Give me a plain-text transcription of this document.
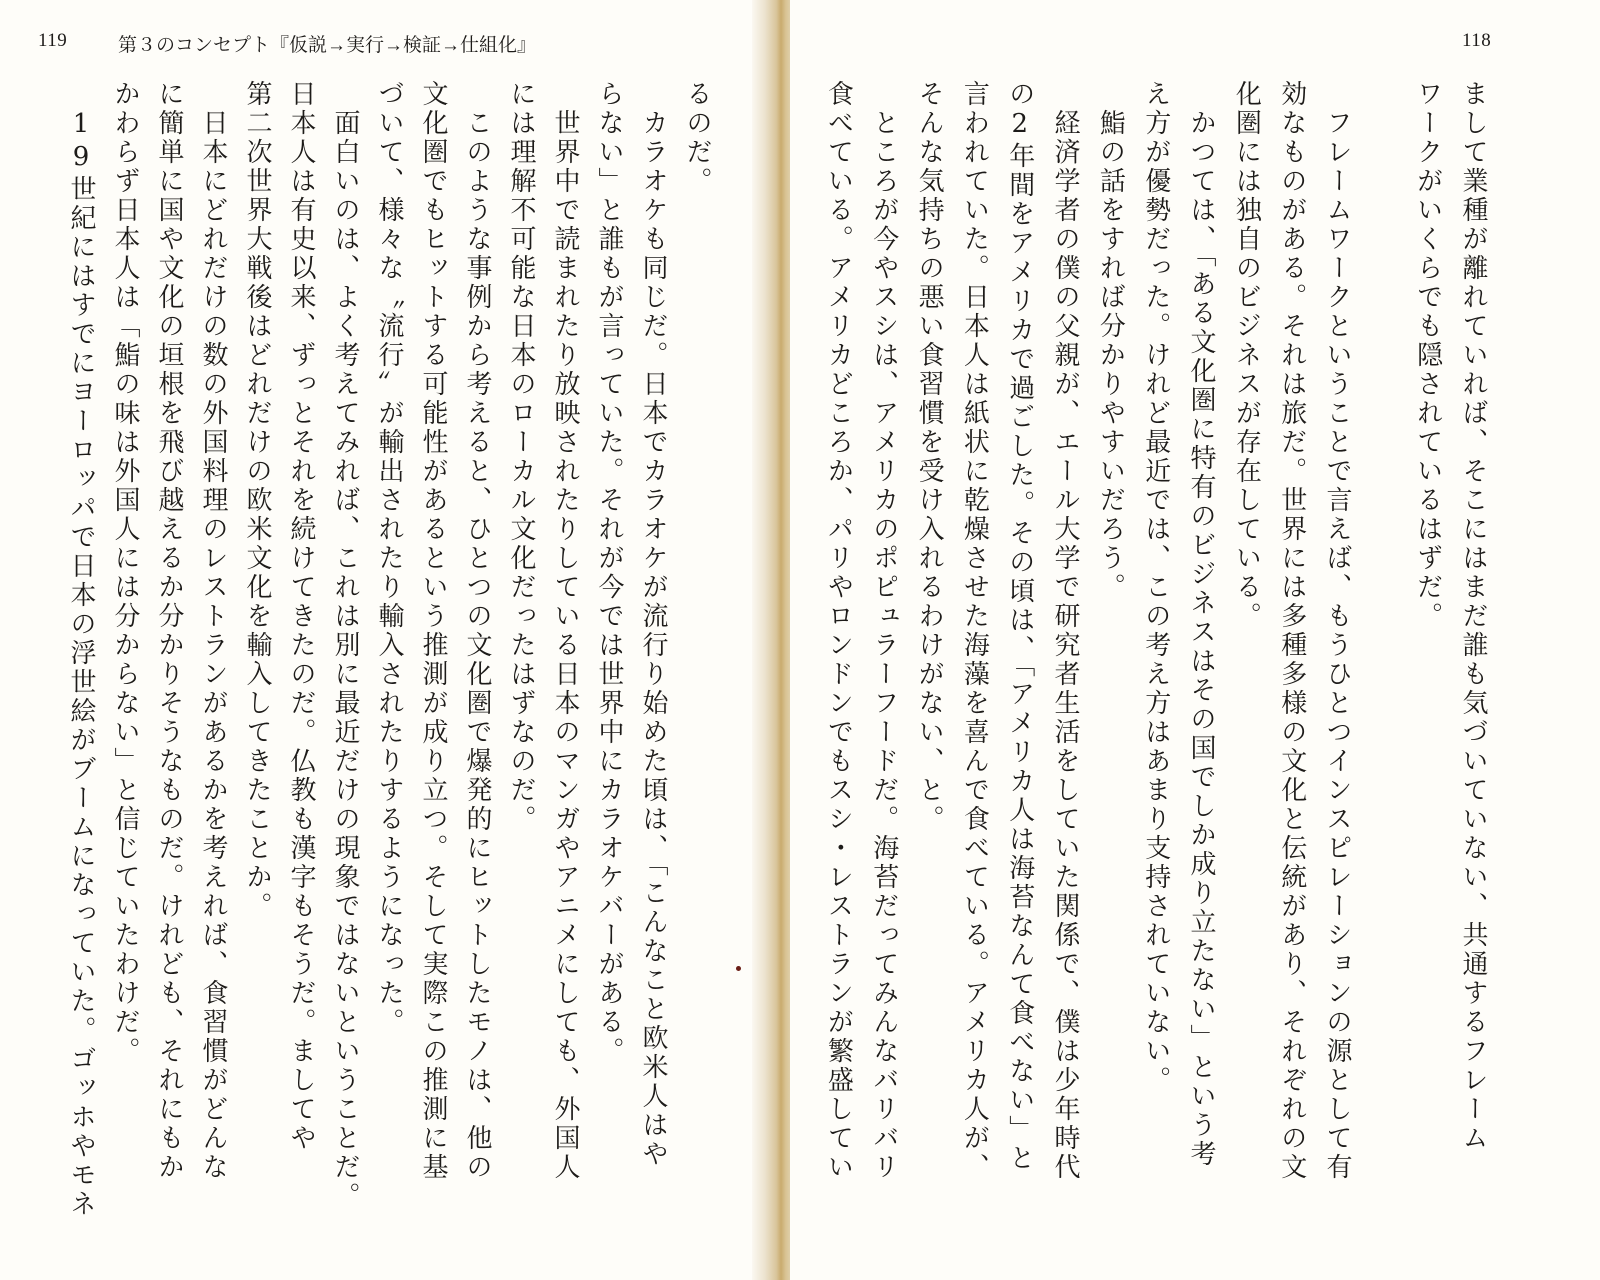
119	第３のコンセプト『仮説→実行→検証→仕組化』

るのだ。

　カラオケも同じだ。日本でカラオケが流行り始めた頃は、「こんなこと欧米人はや

らない」と誰もが言っていた。それが今では世界中にカラオケバーがある。

　世界中で読まれたり放映されたりしている日本のマンガやアニメにしても、外国人

には理解不可能な日本のローカル文化だったはずなのだ。

　このような事例から考えると、ひとつの文化圏で爆発的にヒットしたモノは、他の

文化圏でもヒットする可能性があるという推測が成り立つ。そして実際この推測に基

づいて、様々な〝流行〟が輸出されたり輸入されたりするようになった。

　面白いのは、よく考えてみれば、これは別に最近だけの現象ではないということだ。

日本人は有史以来、ずっとそれを続けてきたのだ。仏教も漢字もそうだ。ましてや

第二次世界大戦後はどれだけの欧米文化を輸入してきたことか。

　日本にどれだけの数の外国料理のレストランがあるかを考えれば、食習慣がどんな

に簡単に国や文化の垣根を飛び越えるか分かりそうなものだ。けれども、それにもか

かわらず日本人は「鮨の味は外国人には分からない」と信じていたわけだ。

　19世紀にはすでにヨーロッパで日本の浮世絵がブームになっていた。ゴッホやモネ

118

まして業種が離れていれば、そこにはまだ誰も気づいていない、共通するフレーム

ワークがいくらでも隠されているはずだ。

　フレームワークということで言えば、もうひとつインスピレーションの源として有

効なものがある。それは旅だ。世界には多種多様の文化と伝統があり、それぞれの文

化圏には独自のビジネスが存在している。

　かつては、「ある文化圏に特有のビジネスはその国でしか成り立たない」という考

え方が優勢だった。けれど最近では、この考え方はあまり支持されていない。

　鮨の話をすれば分かりやすいだろう。

　経済学者の僕の父親が、エール大学で研究者生活をしていた関係で、僕は少年時代

の2年間をアメリカで過ごした。その頃は、「アメリカ人は海苔なんて食べない」と

言われていた。日本人は紙状に乾燥させた海藻を喜んで食べている。アメリカ人が、

そんな気持ちの悪い食習慣を受け入れるわけがない、と。

　ところが今やスシは、アメリカのポピュラーフードだ。海苔だってみんなバリバリ

食べている。アメリカどころか、パリやロンドンでもスシ・レストランが繁盛してい
